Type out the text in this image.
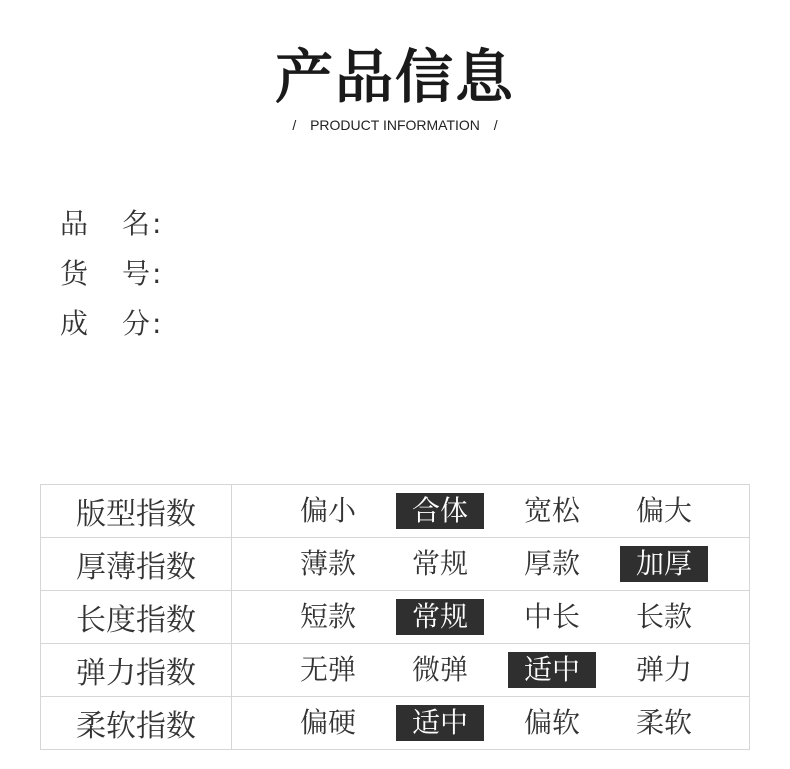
产品信息
/ PRODUCT INFORMATION /
品名:
货号:
成分:
版型指数	偏小 合体 宽松 偏大

厚薄指数	薄款 常规 厚款 加厚

长度指数	短款 常规 中长 长款

弹力指数	无弹 微弹 适中 弹力

柔软指数	偏硬 适中 偏软 柔软
